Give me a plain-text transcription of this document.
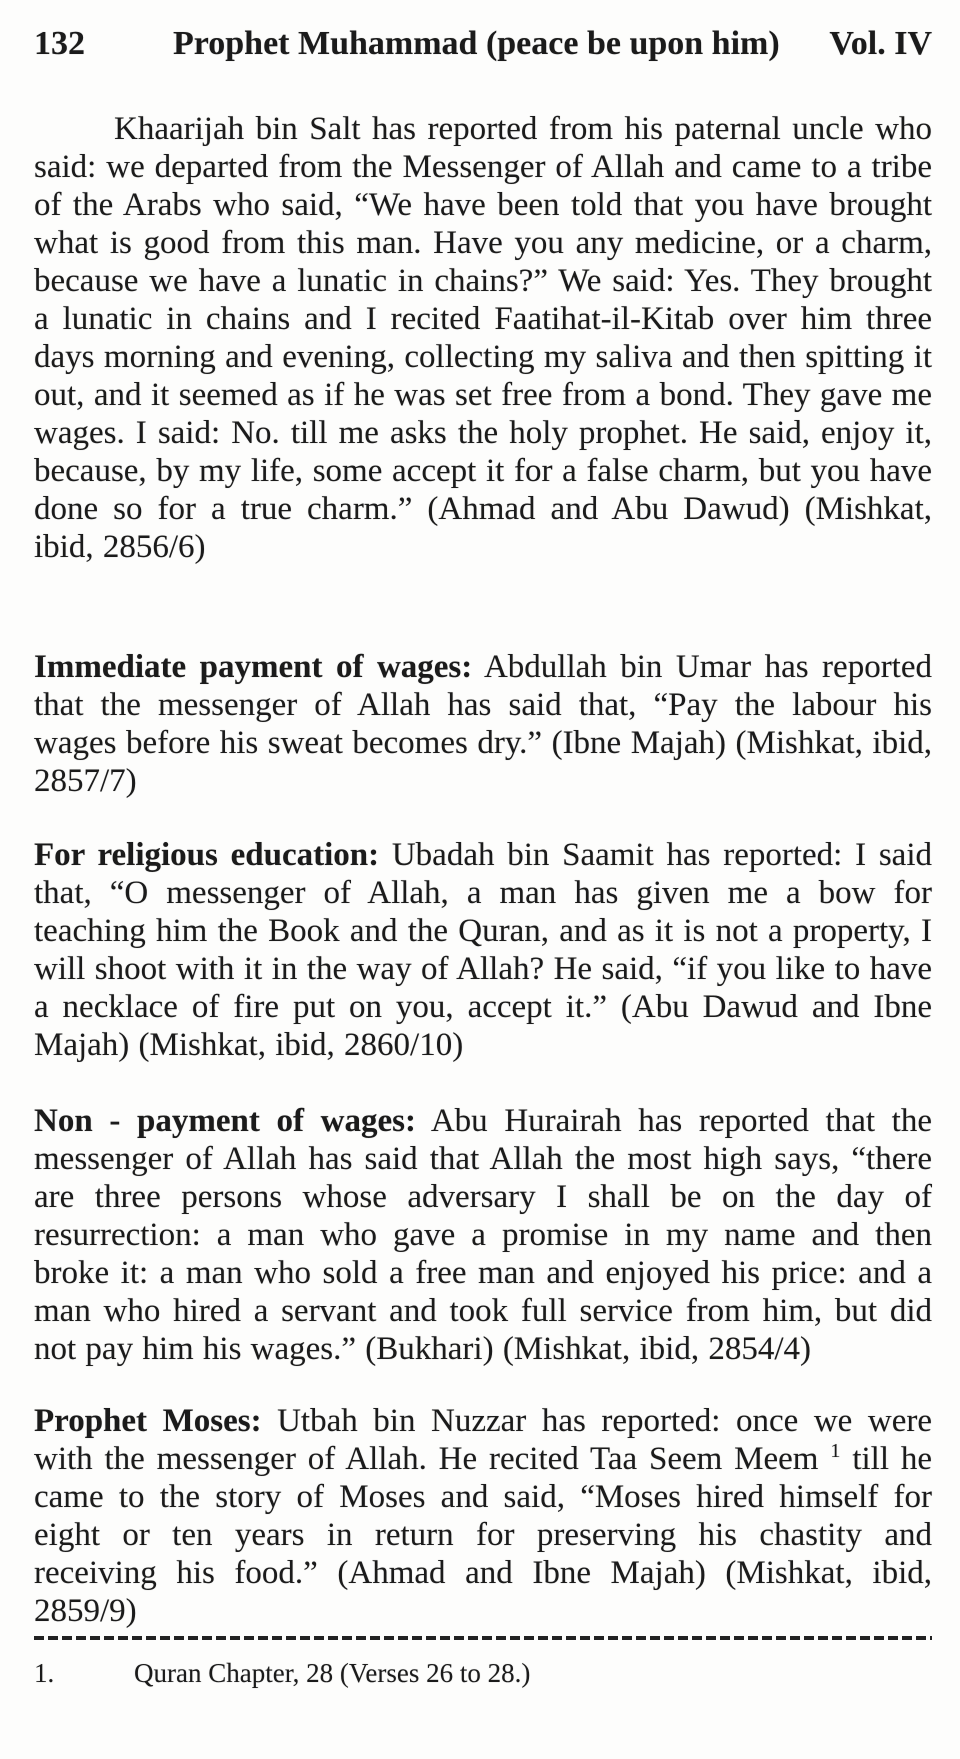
132	Prophet Muhammad (peace be upon him) Vol. IV

Khaarijah bin Salt has reported from his paternal uncle who said: we departed from the Messenger of Allah and came to a tribe of the Arabs who said, “We have been told that you have brought what is good from this man. Have you any medicine, or a charm, because we have a lunatic in chains?” We said: Yes. They brought a lunatic in chains and I recited Faatihat-il-Kitab over him three days morning and evening, collecting my saliva and then spitting it out, and it seemed as if he was set free from a bond. They gave me wages. I said: No. till me asks the holy prophet. He said, enjoy it, because, by my life, some accept it for a false charm, but you have done so for a true charm.” (Ahmad and Abu Dawud) (Mishkat, ibid, 2856/6)

Immediate payment of wages: Abdullah bin Umar has reported that the messenger of Allah has said that, “Pay the labour his wages before his sweat becomes dry.” (Ibne Majah) (Mishkat, ibid, 2857/7)

For religious education: Ubadah bin Saamit has reported: I said that, “O messenger of Allah, a man has given me a bow for teaching him the Book and the Quran, and as it is not a property, I will shoot with it in the way of Allah? He said, “if you like to have a necklace of fire put on you, accept it.” (Abu Dawud and Ibne Majah) (Mishkat, ibid, 2860/10)

Non - payment of wages: Abu Hurairah has reported that the messenger of Allah has said that Allah the most high says, “there are three persons whose adversary I shall be on the day of resurrection: a man who gave a promise in my name and then broke it: a man who sold a free man and enjoyed his price: and a man who hired a servant and took full service from him, but did not pay him his wages.” (Bukhari) (Mishkat, ibid, 2854/4)

Prophet Moses: Utbah bin Nuzzar has reported: once we were with the messenger of Allah. He recited Taa Seem Meem $^1$ till he came to the story of Moses and said, “Moses hired himself for eight or ten years in return for preserving his chastity and receiving his food.” (Ahmad and Ibne Majah) (Mishkat, ibid, 2859/9)

1.	Quran Chapter, 28 (Verses 26 to 28.)
